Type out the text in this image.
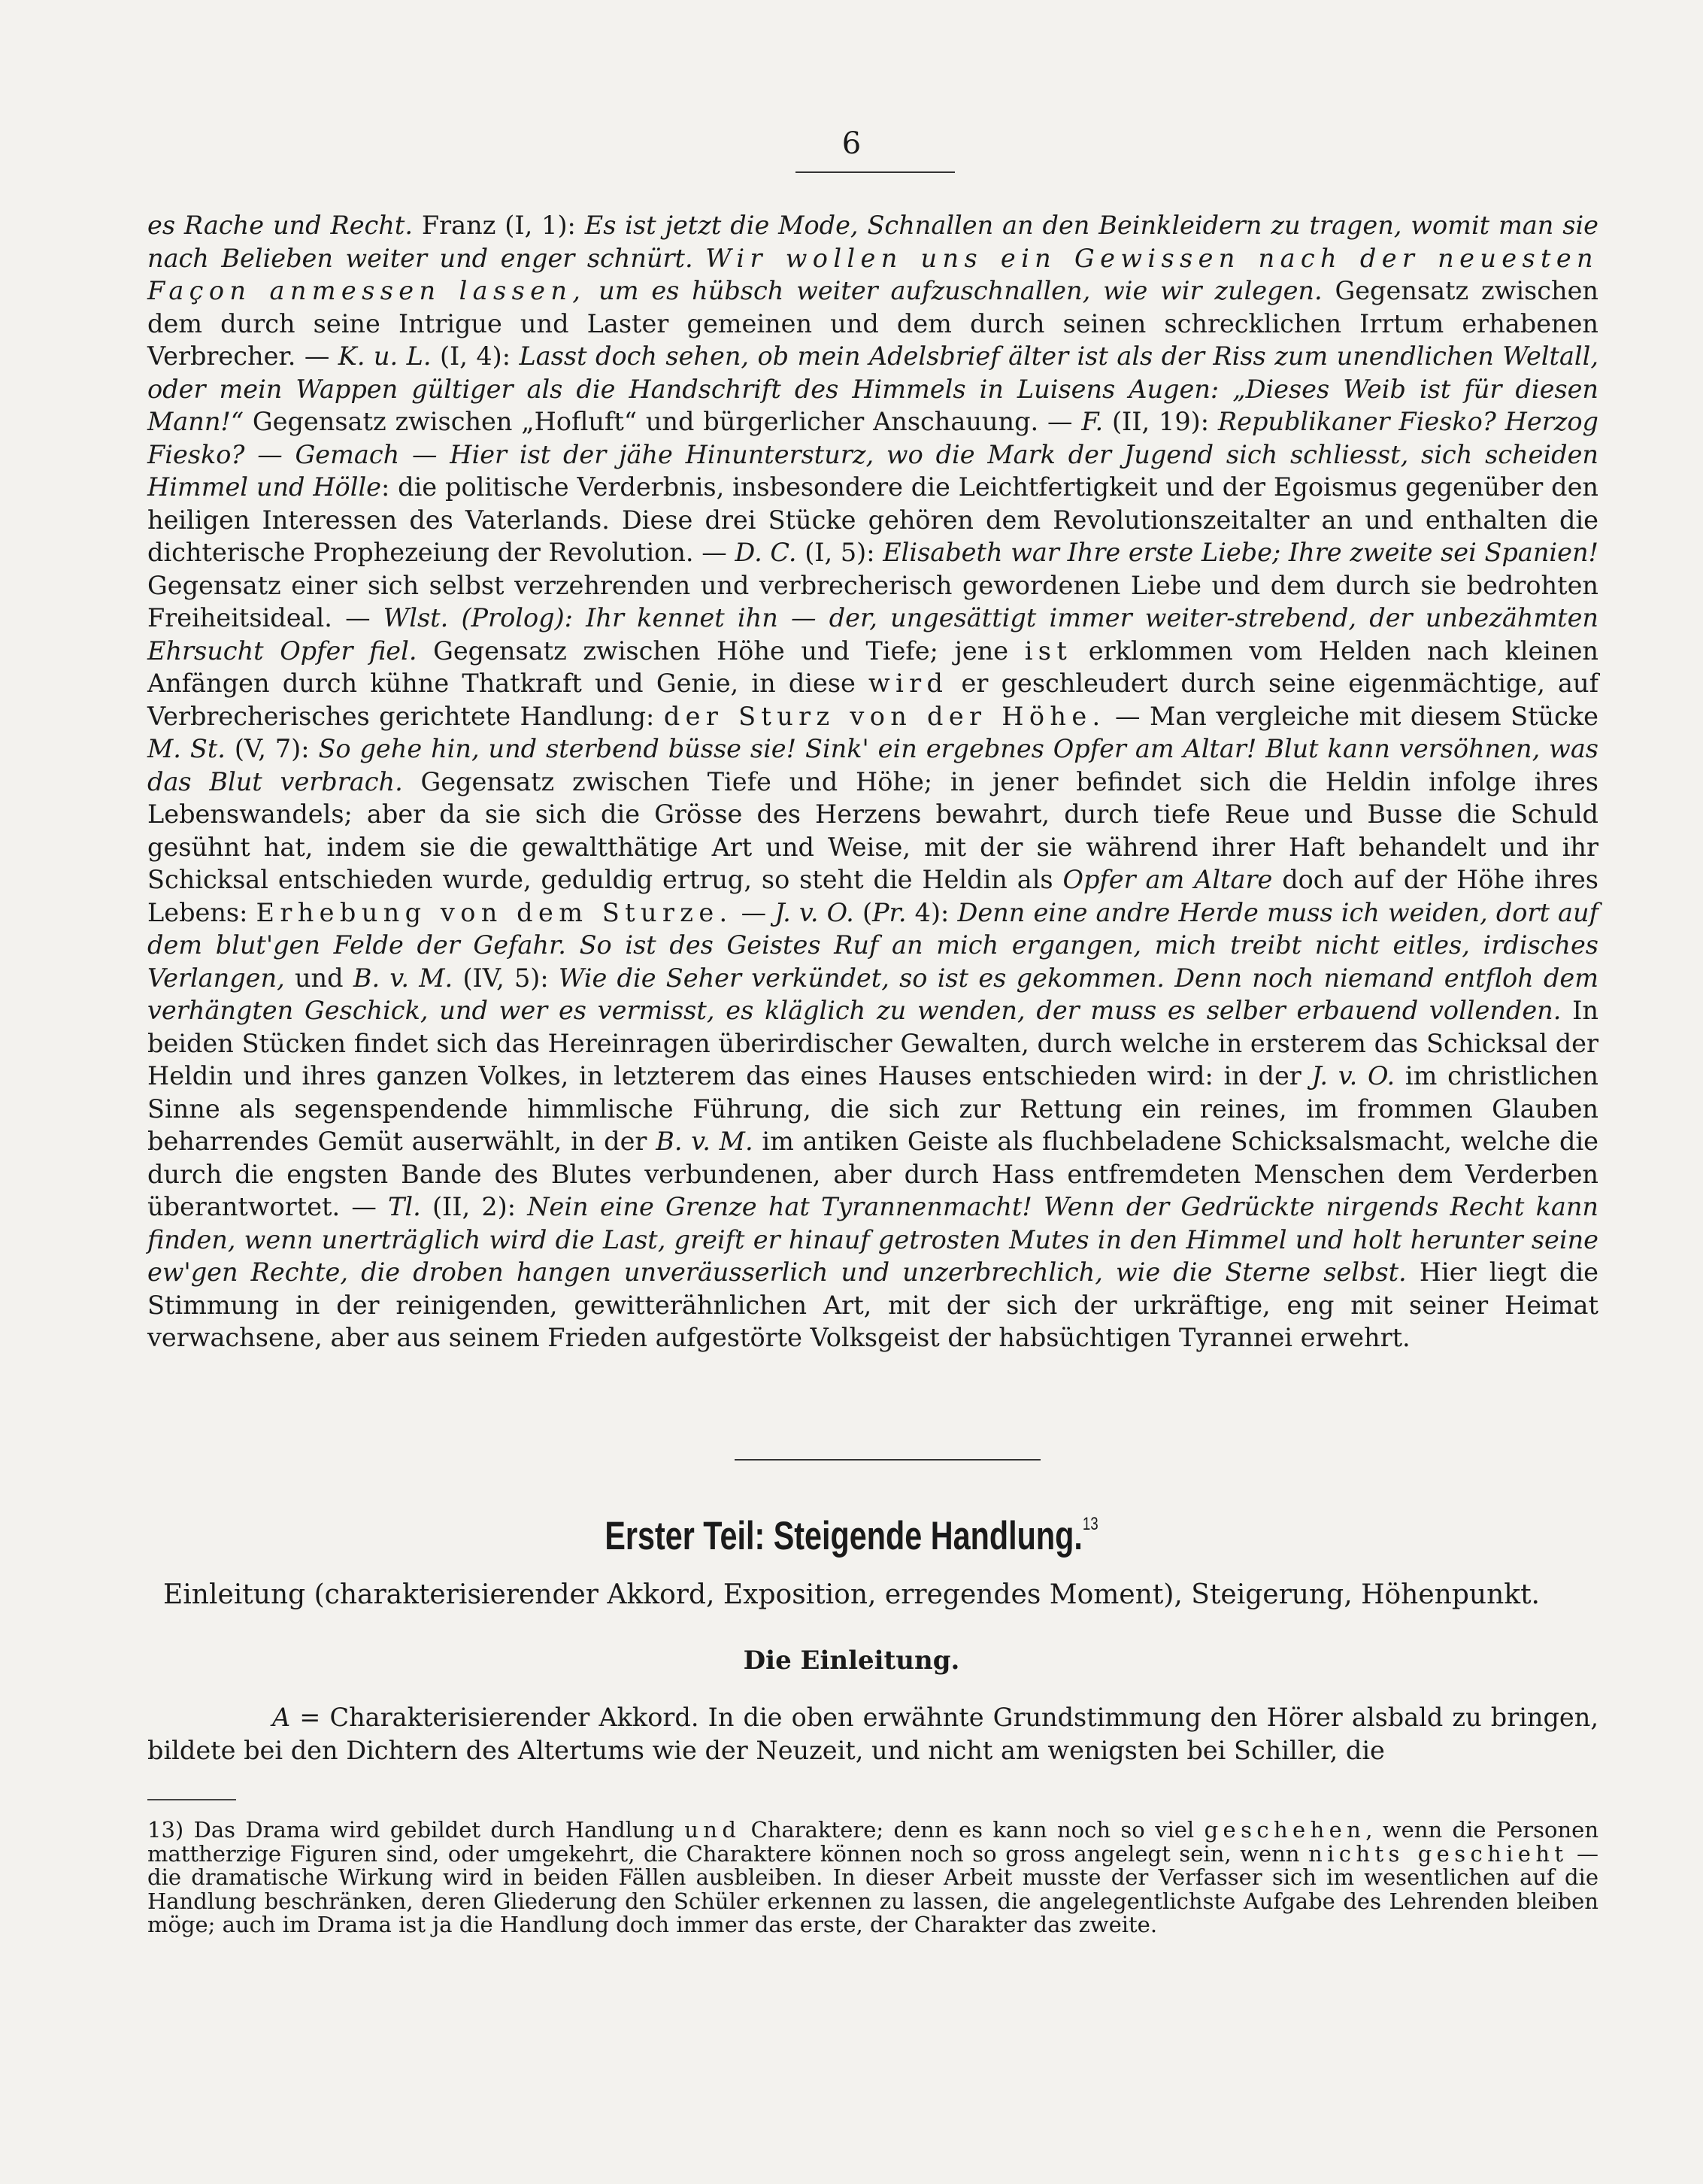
6

es Rache und Recht. Franz (I, 1): Es ist jetzt die Mode, Schnallen an den Beinkleidern zu tragen, womit man sie nach Belieben weiter und enger schnürt. Wir wollen uns ein Gewissen nach der neuesten Façon anmessen lassen, um es hübsch weiter aufzuschnallen, wie wir zulegen. Gegensatz zwischen dem durch seine Intrigue und Laster gemeinen und dem durch seinen schrecklichen Irrtum erhabenen Verbrecher. — K. u. L. (I, 4): Lasst doch sehen, ob mein Adelsbrief älter ist als der Riss zum unendlichen Weltall, oder mein Wappen gültiger als die Handschrift des Himmels in Luisens Augen: „Dieses Weib ist für diesen Mann!“ Gegensatz zwischen „Hofluft“ und bürgerlicher Anschauung. — F. (II, 19): Republikaner Fiesko? Herzog Fiesko? — Gemach — Hier ist der jähe Hinuntersturz, wo die Mark der Jugend sich schliesst, sich scheiden Himmel und Hölle: die politische Verderbnis, insbesondere die Leichtfertigkeit und der Egoismus gegenüber den heiligen Interessen des Vaterlands. Diese drei Stücke gehören dem Revolutionszeitalter an und enthalten die dichterische Prophezeiung der Revolution. — D. C. (I, 5): Elisabeth war Ihre erste Liebe; Ihre zweite sei Spanien! Gegensatz einer sich selbst verzehrenden und verbrecherisch gewordenen Liebe und dem durch sie bedrohten Freiheitsideal. — Wlst. (Prolog): Ihr kennet ihn — der, ungesättigt immer weiter-strebend, der unbezähmten Ehrsucht Opfer fiel. Gegensatz zwischen Höhe und Tiefe; jene ist erklommen vom Helden nach kleinen Anfängen durch kühne Thatkraft und Genie, in diese wird er geschleudert durch seine eigenmächtige, auf Verbrecherisches gerichtete Handlung: der Sturz von der Höhe. — Man vergleiche mit diesem Stücke M. St. (V, 7): So gehe hin, und sterbend büsse sie! Sink' ein ergebnes Opfer am Altar! Blut kann versöhnen, was das Blut verbrach. Gegensatz zwischen Tiefe und Höhe; in jener befindet sich die Heldin infolge ihres Lebenswandels; aber da sie sich die Grösse des Herzens bewahrt, durch tiefe Reue und Busse die Schuld gesühnt hat, indem sie die gewaltthätige Art und Weise, mit der sie während ihrer Haft behandelt und ihr Schicksal entschieden wurde, geduldig ertrug, so steht die Heldin als Opfer am Altare doch auf der Höhe ihres Lebens: Erhebung von dem Sturze. — J. v. O. (Pr. 4): Denn eine andre Herde muss ich weiden, dort auf dem blut'gen Felde der Gefahr. So ist des Geistes Ruf an mich ergangen, mich treibt nicht eitles, irdisches Verlangen, und B. v. M. (IV, 5): Wie die Seher verkündet, so ist es gekommen. Denn noch niemand entfloh dem verhängten Geschick, und wer es vermisst, es kläglich zu wenden, der muss es selber erbauend vollenden. In beiden Stücken findet sich das Hereinragen überirdischer Gewalten, durch welche in ersterem das Schicksal der Heldin und ihres ganzen Volkes, in letzterem das eines Hauses entschieden wird: in der J. v. O. im christlichen Sinne als segenspendende himmlische Führung, die sich zur Rettung ein reines, im frommen Glauben beharrendes Gemüt auserwählt, in der B. v. M. im antiken Geiste als fluchbeladene Schicksalsmacht, welche die durch die engsten Bande des Blutes verbundenen, aber durch Hass entfremdeten Menschen dem Verderben überantwortet. — Tl. (II, 2): Nein eine Grenze hat Tyrannenmacht! Wenn der Gedrückte nirgends Recht kann finden, wenn unerträglich wird die Last, greift er hinauf getrosten Mutes in den Himmel und holt herunter seine ew'gen Rechte, die droben hangen unveräusserlich und unzerbrechlich, wie die Sterne selbst. Hier liegt die Stimmung in der reinigenden, gewitterähnlichen Art, mit der sich der urkräftige, eng mit seiner Heimat verwachsene, aber aus seinem Frieden aufgestörte Volksgeist der habsüchtigen Tyrannei erwehrt.

Erster Teil: Steigende Handlung.$^{13}$
Einleitung (charakterisierender Akkord, Exposition, erregendes Moment), Steigerung, Höhenpunkt.
Die Einleitung.

A = Charakterisierender Akkord. In die oben erwähnte Grundstimmung den Hörer alsbald zu bringen, bildete bei den Dichtern des Altertums wie der Neuzeit, und nicht am wenigsten bei Schiller, die

13) Das Drama wird gebildet durch Handlung und Charaktere; denn es kann noch so viel geschehen, wenn die Personen mattherzige Figuren sind, oder umgekehrt, die Charaktere können noch so gross angelegt sein, wenn nichts geschieht — die dramatische Wirkung wird in beiden Fällen ausbleiben. In dieser Arbeit musste der Verfasser sich im wesentlichen auf die Handlung beschränken, deren Gliederung den Schüler erkennen zu lassen, die angelegentlichste Aufgabe des Lehrenden bleiben möge; auch im Drama ist ja die Handlung doch immer das erste, der Charakter das zweite.
